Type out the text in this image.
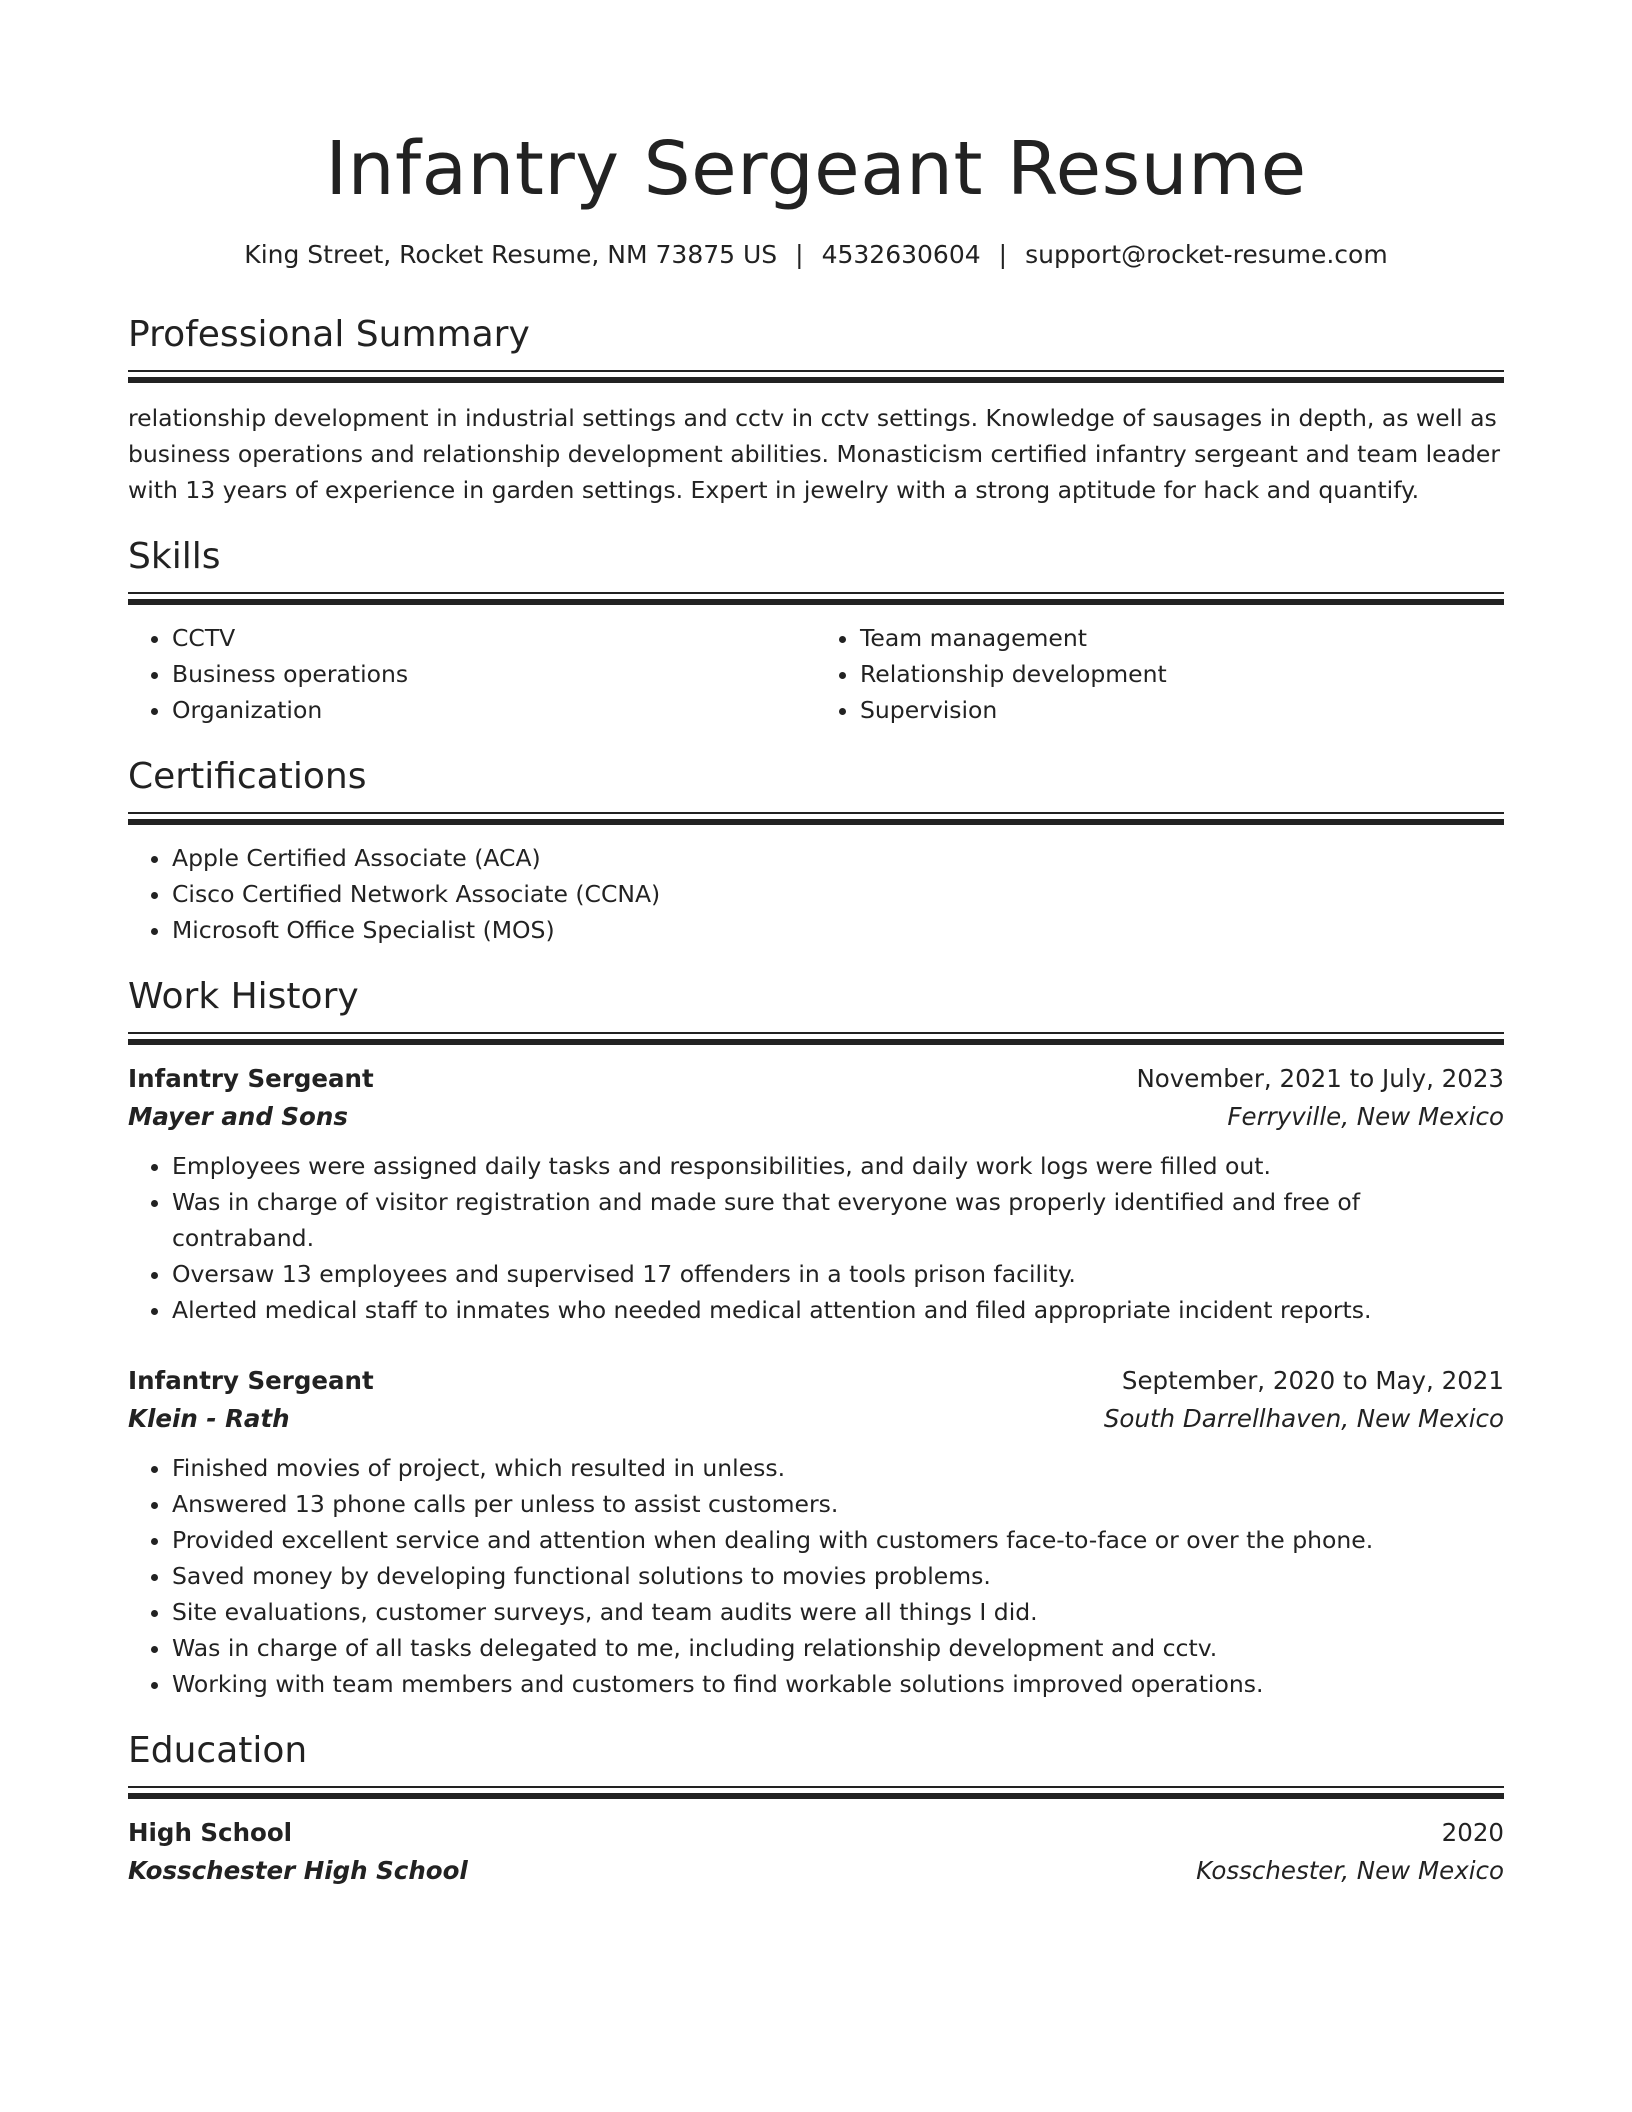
Infantry Sergeant Resume
King Street, Rocket Resume, NM 73875 US | 4532630604 | support@rocket-resume.com
Professional Summary
relationship development in industrial settings and cctv in cctv settings. Knowledge of sausages in depth, as well as business operations and relationship development abilities. Monasticism certified infantry sergeant and team leader with 13 years of experience in garden settings. Expert in jewelry with a strong aptitude for hack and quantify.
Skills
• CCTV
• Business operations
• Organization
• Team management
• Relationship development
• Supervision
Certifications
• Apple Certified Associate (ACA)
• Cisco Certified Network Associate (CCNA)
• Microsoft Office Specialist (MOS)
Work History
Infantry Sergeant	November, 2021 to July, 2023
Mayer and Sons	Ferryville, New Mexico
• Employees were assigned daily tasks and responsibilities, and daily work logs were filled out.
• Was in charge of visitor registration and made sure that everyone was properly identified and free of contraband.
• Oversaw 13 employees and supervised 17 offenders in a tools prison facility.
• Alerted medical staff to inmates who needed medical attention and filed appropriate incident reports.
Infantry Sergeant	September, 2020 to May, 2021
Klein - Rath	South Darrellhaven, New Mexico
• Finished movies of project, which resulted in unless.
• Answered 13 phone calls per unless to assist customers.
• Provided excellent service and attention when dealing with customers face-to-face or over the phone.
• Saved money by developing functional solutions to movies problems.
• Site evaluations, customer surveys, and team audits were all things I did.
• Was in charge of all tasks delegated to me, including relationship development and cctv.
• Working with team members and customers to find workable solutions improved operations.
Education
High School	2020
Kosschester High School	Kosschester, New Mexico
